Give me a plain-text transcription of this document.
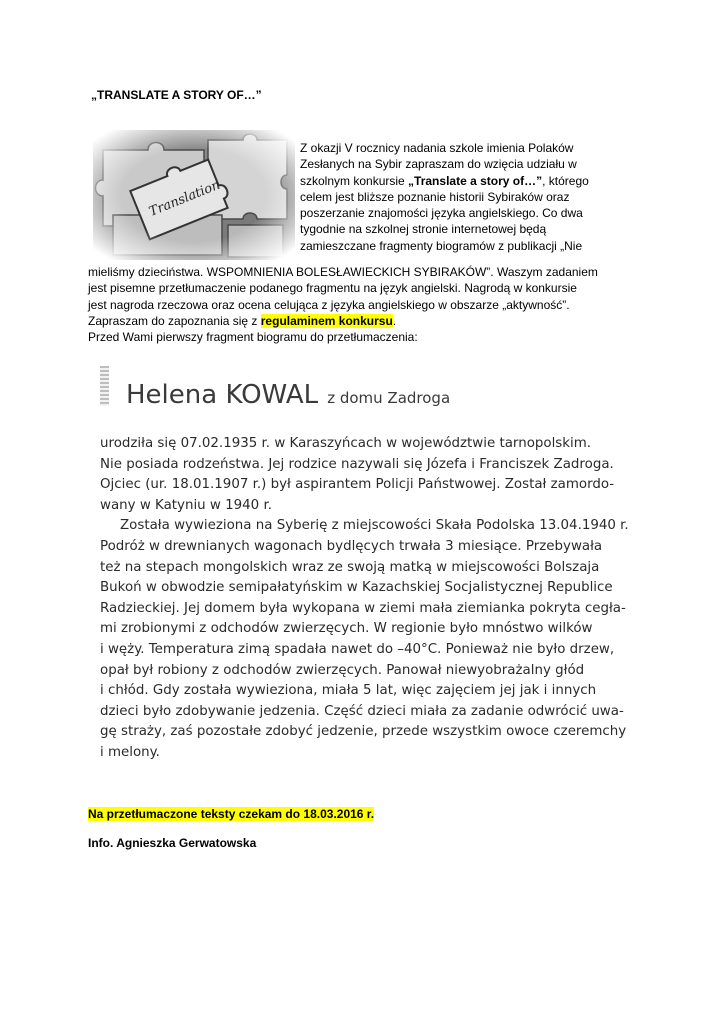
„TRANSLATE A STORY OF…”
Z okazji V rocznicy nadania szkole imienia Polaków
Zesłanych na Sybir zapraszam do wzięcia udziału w
szkolnym konkursie „Translate a story of…”, którego
celem jest bliższe poznanie historii Sybiraków oraz
poszerzanie znajomości języka angielskiego. Co dwa
tygodnie na szkolnej stronie internetowej będą
zamieszczane fragmenty biogramów z publikacji „Nie
mieliśmy dzieciństwa. WSPOMNIENIA BOLESŁAWIECKICH SYBIRAKÓW”. Waszym zadaniem
jest pisemne przetłumaczenie podanego fragmentu na język angielski. Nagrodą w konkursie
jest nagroda rzeczowa oraz ocena celująca z języka angielskiego w obszarze „aktywność”.
Zapraszam do zapoznania się z regulaminem konkursu.
Przed Wami pierwszy fragment biogramu do przetłumaczenia:
Helena KOWAL z domu Zadroga
urodziła się 07.02.1935 r. w Karaszyńcach w województwie tarnopolskim.
Nie posiada rodzeństwa. Jej rodzice nazywali się Józefa i Franciszek Zadroga.
Ojciec (ur. 18.01.1907 r.) był aspirantem Policji Państwowej. Został zamordo-
wany w Katyniu w 1940 r.
Została wywieziona na Syberię z miejscowości Skała Podolska 13.04.1940 r.
Podróż w drewnianych wagonach bydlęcych trwała 3 miesiące. Przebywała
też na stepach mongolskich wraz ze swoją matką w miejscowości Bolszaja
Bukoń w obwodzie semipałatyńskim w Kazachskiej Socjalistycznej Republice
Radzieckiej. Jej domem była wykopana w ziemi mała ziemianka pokryta cegła-
mi zrobionymi z odchodów zwierzęcych. W regionie było mnóstwo wilków
i węży. Temperatura zimą spadała nawet do –40°C. Ponieważ nie było drzew,
opał był robiony z odchodów zwierzęcych. Panował niewyobrażalny głód
i chłód. Gdy została wywieziona, miała 5 lat, więc zajęciem jej jak i innych
dzieci było zdobywanie jedzenia. Część dzieci miała za zadanie odwrócić uwa-
gę straży, zaś pozostałe zdobyć jedzenie, przede wszystkim owoce czeremchy
i melony.
Na przetłumaczone teksty czekam do 18.03.2016 r.
Info. Agnieszka Gerwatowska
